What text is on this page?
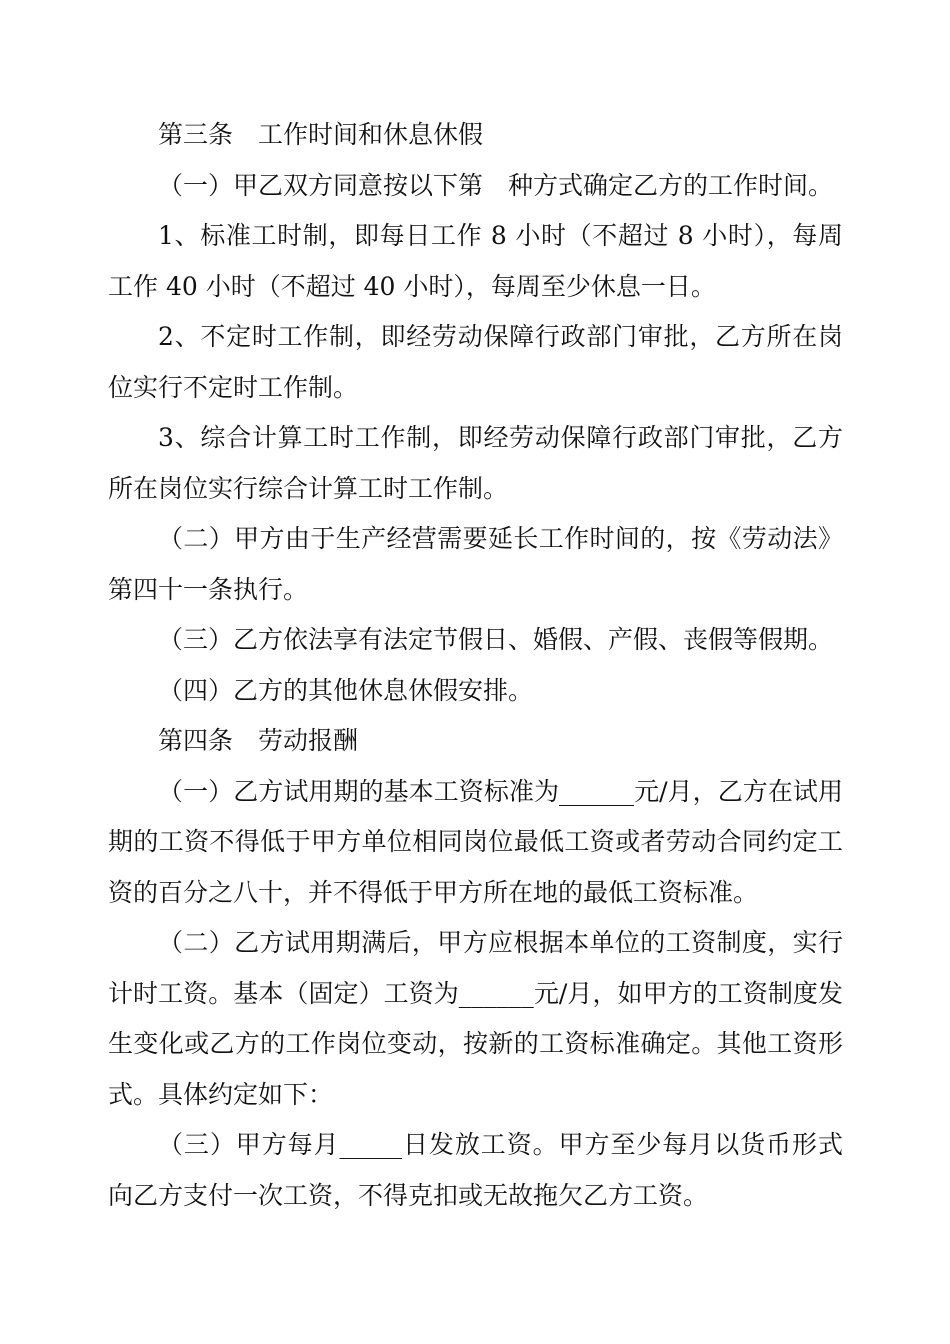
第三条　工作时间和休息休假

（一）甲乙双方同意按以下第　种方式确定乙方的工作时间。

1、标准工时制，即每日工作 8 小时（不超过 8 小时），每周工作 40 小时（不超过 40 小时），每周至少休息一日。

2、不定时工作制，即经劳动保障行政部门审批，乙方所在岗位实行不定时工作制。

3、综合计算工时工作制，即经劳动保障行政部门审批，乙方所在岗位实行综合计算工时工作制。

（二）甲方由于生产经营需要延长工作时间的，按《劳动法》第四十一条执行。

（三）乙方依法享有法定节假日、婚假、产假、丧假等假期。

（四）乙方的其他休息休假安排。

第四条　劳动报酬

（一）乙方试用期的基本工资标准为______元/月，乙方在试用期的工资不得低于甲方单位相同岗位最低工资或者劳动合同约定工资的百分之八十，并不得低于甲方所在地的最低工资标准。

（二）乙方试用期满后，甲方应根据本单位的工资制度，实行计时工资。基本（固定）工资为______元/月，如甲方的工资制度发生变化或乙方的工作岗位变动，按新的工资标准确定。其他工资形式。具体约定如下：

（三）甲方每月_____日发放工资。甲方至少每月以货币形式向乙方支付一次工资，不得克扣或无故拖欠乙方工资。
